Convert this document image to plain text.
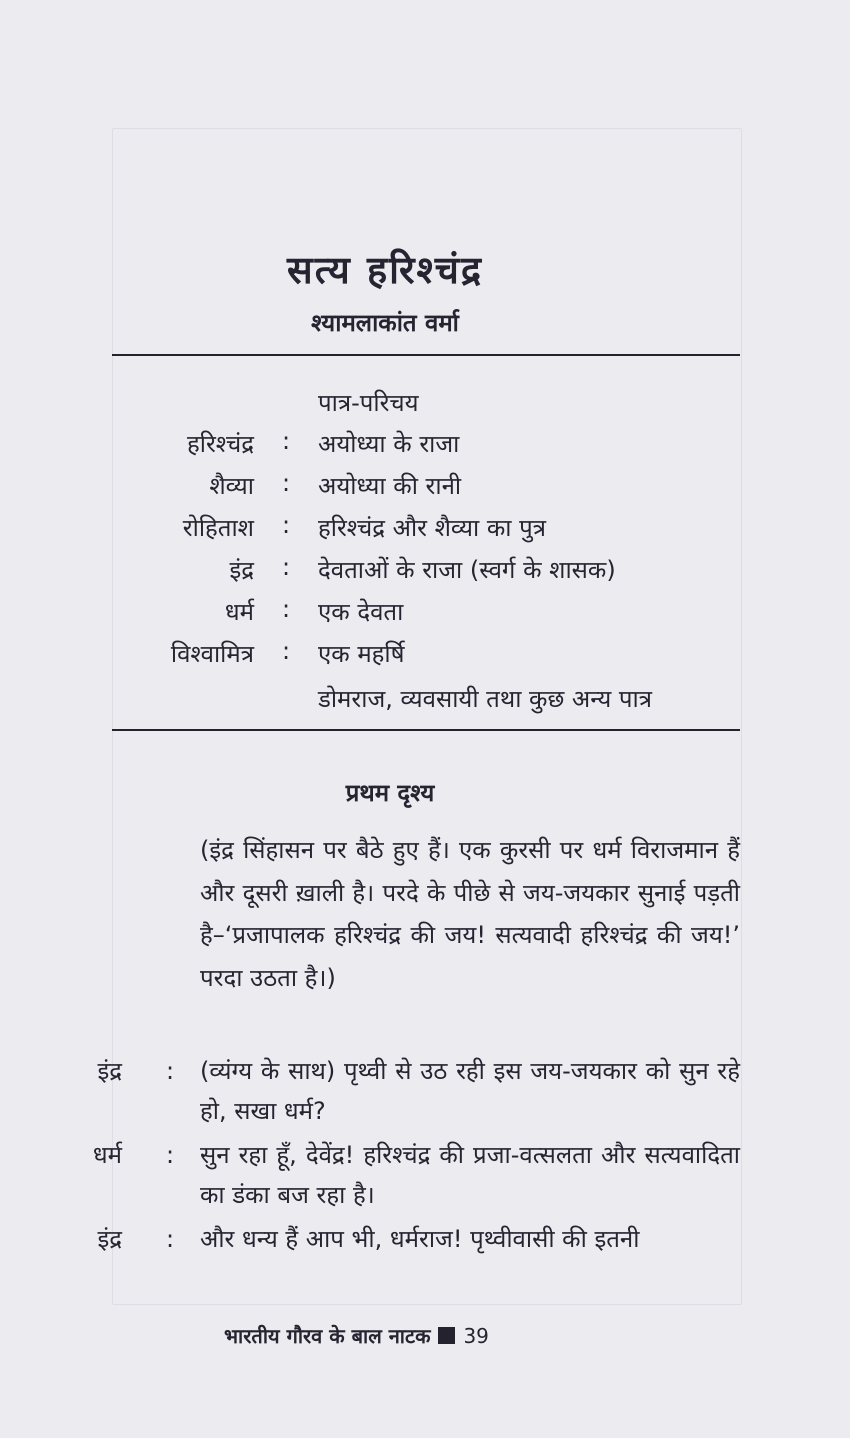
सत्य हरिश्चंद्र
श्यामलाकांत वर्मा
पात्र-परिचय
हरिश्चंद्र : अयोध्या के राजा
शैव्या : अयोध्या की रानी
रोहिताश : हरिश्चंद्र और शैव्या का पुत्र
इंद्र : देवताओं के राजा (स्वर्ग के शासक)
धर्म : एक देवता
विश्वामित्र : एक महर्षि
डोमराज, व्यवसायी तथा कुछ अन्य पात्र
प्रथम दृश्य
(इंद्र सिंहासन पर बैठे हुए हैं। एक कुरसी पर धर्म विराजमान हैं और दूसरी ख़ाली है। परदे के पीछे से जय-जयकार सुनाई पड़ती है–‘प्रजापालक हरिश्चंद्र की जय! सत्यवादी हरिश्चंद्र की जय!’ परदा उठता है।)
इंद्र : (व्यंग्य के साथ) पृथ्वी से उठ रही इस जय-जयकार को सुन रहे हो, सखा धर्म?
धर्म : सुन रहा हूँ, देवेंद्र! हरिश्चंद्र की प्रजा-वत्सलता और सत्यवादिता का डंका बज रहा है।
इंद्र : और धन्य हैं आप भी, धर्मराज! पृथ्वीवासी की इतनी
भारतीय गौरव के बाल नाटक 39
